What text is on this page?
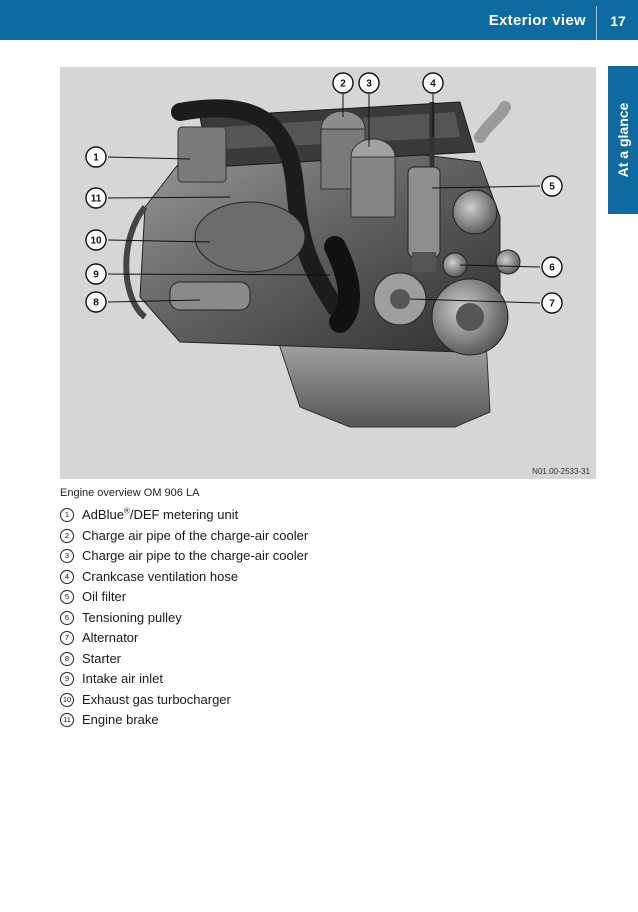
Exterior view	17
At a glance
1
11
10
9
8
2 3	4
5
6
7
N01.00-2533-31
Engine overview OM 906 LA
1 AdBlue®/DEF metering unit
2 Charge air pipe of the charge-air cooler
3 Charge air pipe to the charge-air cooler
4 Crankcase ventilation hose
5 Oil filter
6 Tensioning pulley
7 Alternator
8 Starter
9 Intake air inlet
10 Exhaust gas turbocharger
11 Engine brake
